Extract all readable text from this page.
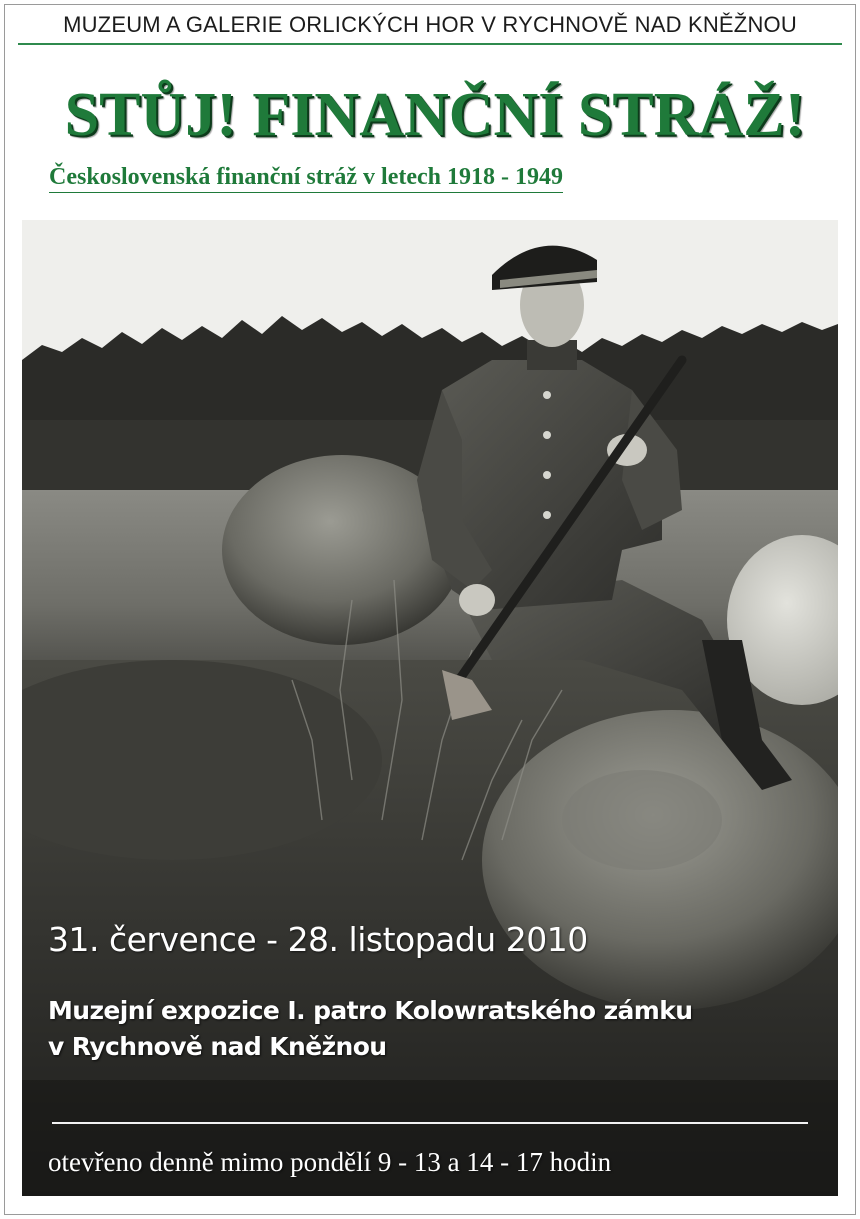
MUZEUM A GALERIE ORLICKÝCH HOR V RYCHNOVĚ NAD KNĚŽNOU
STŮJ! FINANČNÍ STRÁŽ!
Československá finanční stráž v letech 1918 - 1949
31. července - 28. listopadu 2010
Muzejní expozice I. patro Kolowratského zámku
v Rychnově nad Kněžnou
otevřeno denně mimo pondělí 9 - 13 a 14 - 17 hodin
